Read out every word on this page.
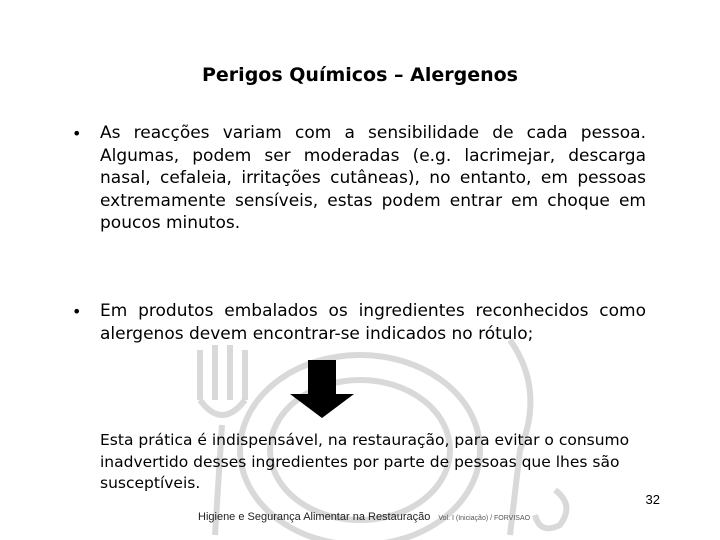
Perigos Químicos – Alergenos
•	As reacções variam com a sensibilidade de cada pessoa. Algumas, podem ser moderadas (e.g. lacrimejar, descarga nasal, cefaleia, irritações cutâneas), no entanto, em pessoas extremamente sensíveis, estas podem entrar em choque em poucos minutos.
•	Em produtos embalados os ingredientes reconhecidos como alergenos devem encontrar-se indicados no rótulo;
Esta prática é indispensável, na restauração, para evitar o consumo inadvertido desses ingredientes por parte de pessoas que lhes são susceptíveis.
32
Higiene e Segurança Alimentar na Restauração Vol. I (Iniciação) / FORVISAO
